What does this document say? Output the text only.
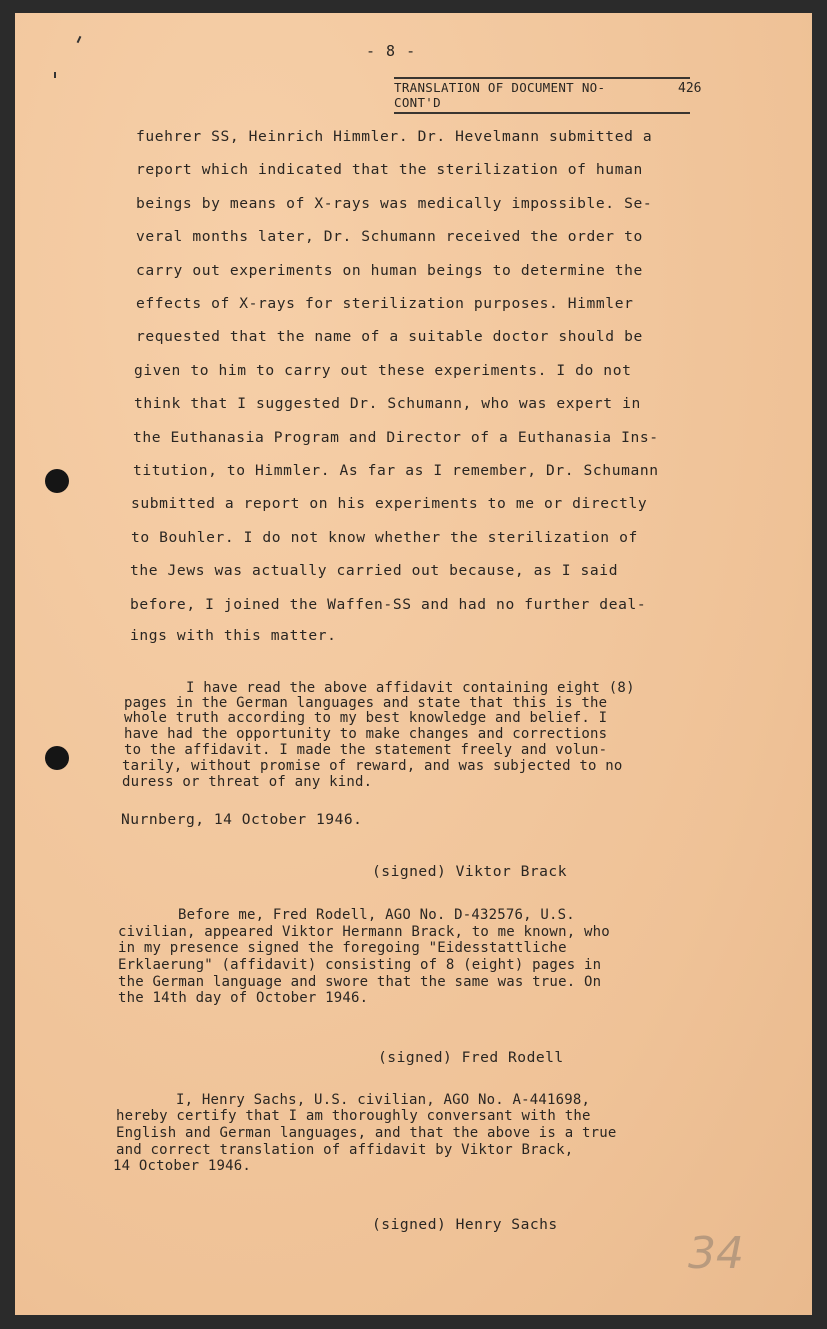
- 8 -
TRANSLATION OF DOCUMENT NO-
CONT'D
426
fuehrer SS, Heinrich Himmler. Dr. Hevelmann submitted a
report which indicated that the sterilization of human
beings by means of X-rays was medically impossible. Se-
veral months later, Dr. Schumann received the order to
carry out experiments on human beings to determine the
effects of X-rays for sterilization purposes. Himmler
requested that the name of a suitable doctor should be
given to him to carry out these experiments. I do not
think that I suggested Dr. Schumann, who was expert in
the Euthanasia Program and Director of a Euthanasia Ins-
titution, to Himmler. As far as I remember, Dr. Schumann
submitted a report on his experiments to me or directly
to Bouhler. I do not know whether the sterilization of
the Jews was actually carried out because, as I said
before, I joined the Waffen-SS and had no further deal-
ings with this matter.
I have read the above affidavit containing eight (8)
pages in the German languages and state that this is the
whole truth according to my best knowledge and belief. I
have had the opportunity to make changes and corrections
to the affidavit. I made the statement freely and volun-
tarily, without promise of reward, and was subjected to no
duress or threat of any kind.
Nurnberg, 14 October 1946.
(signed) Viktor Brack
Before me, Fred Rodell, AGO No. D-432576, U.S.
civilian, appeared Viktor Hermann Brack, to me known, who
in my presence signed the foregoing "Eidesstattliche
Erklaerung" (affidavit) consisting of 8 (eight) pages in
the German language and swore that the same was true. On
the 14th day of October 1946.
(signed) Fred Rodell
I, Henry Sachs, U.S. civilian, AGO No. A-441698,
hereby certify that I am thoroughly conversant with the
English and German languages, and that the above is a true
and correct translation of affidavit by Viktor Brack,
14 October 1946.
(signed) Henry Sachs
34
